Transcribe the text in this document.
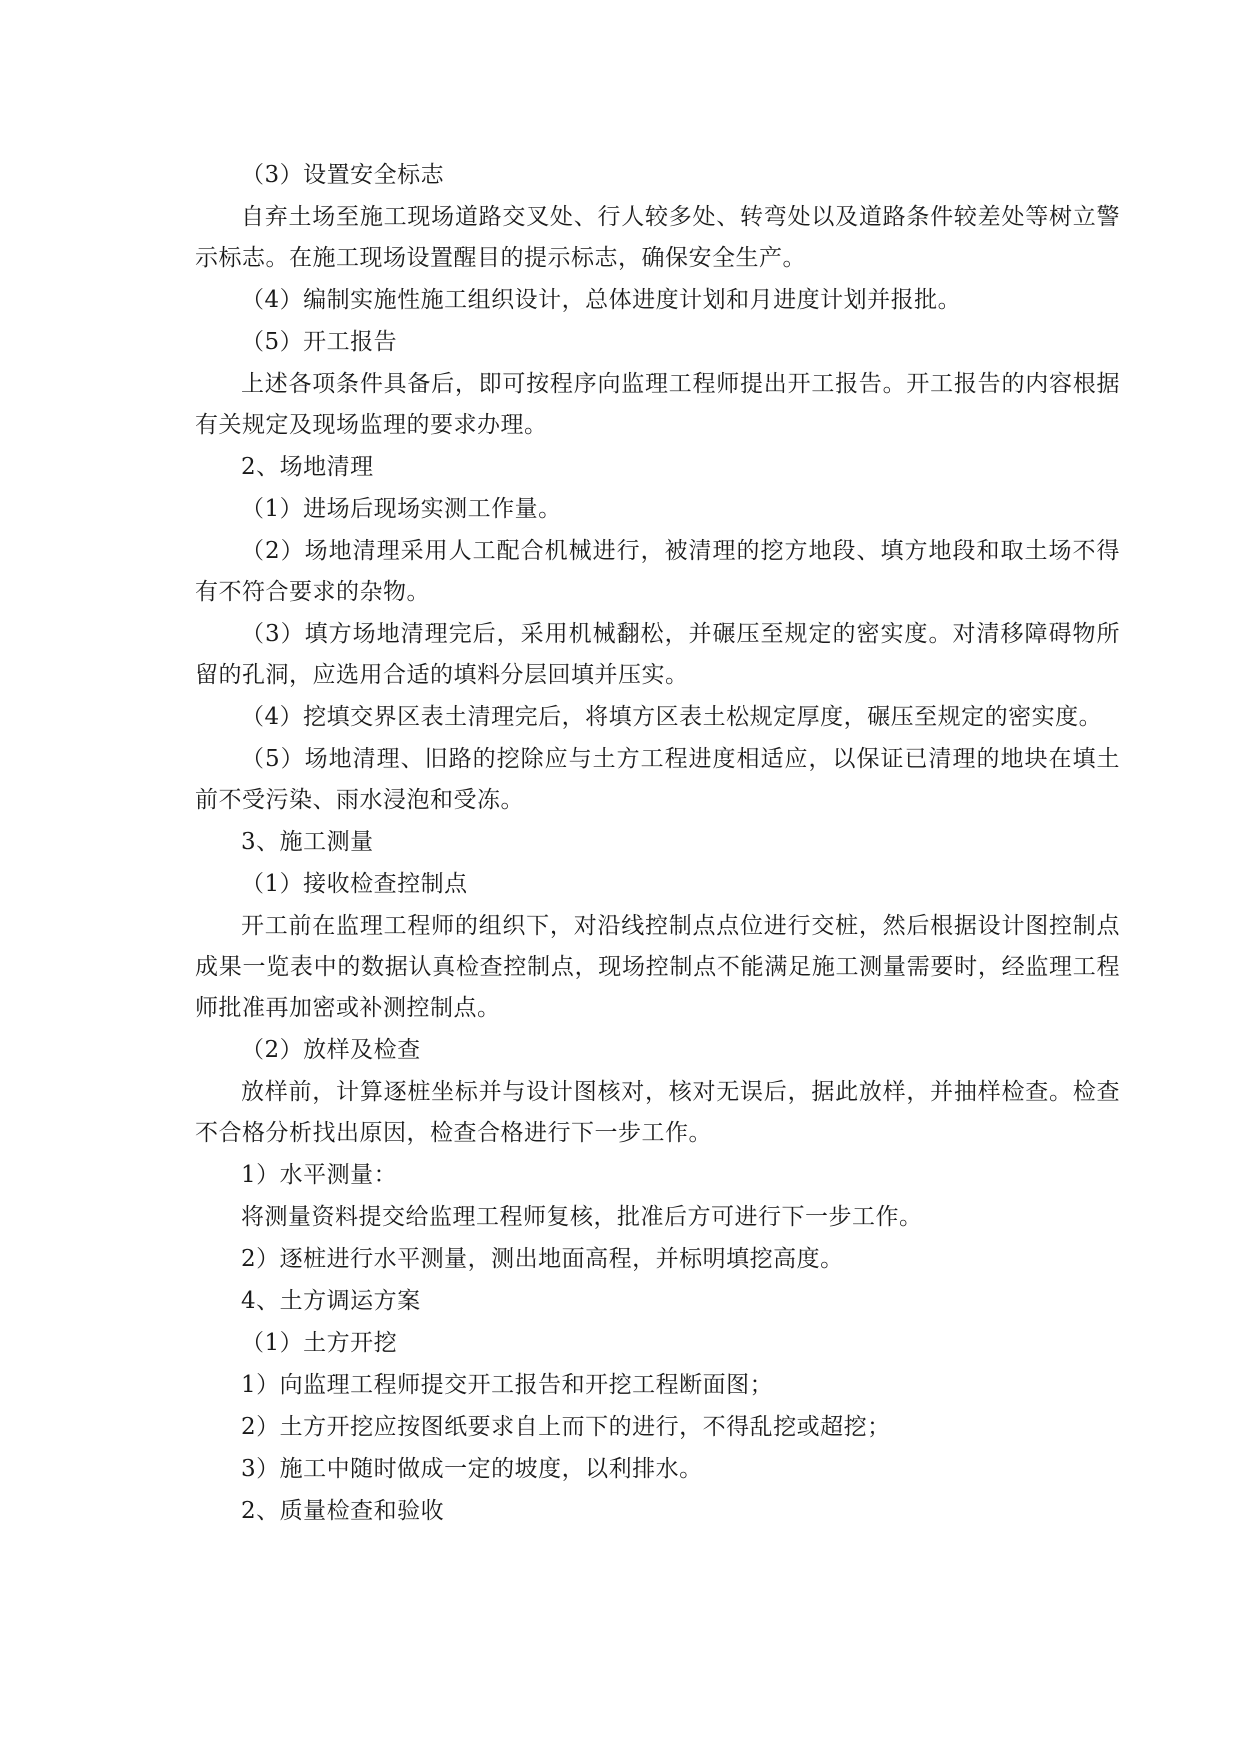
（3）设置安全标志

自弃土场至施工现场道路交叉处、行人较多处、转弯处以及道路条件较差处等树立警示标志。在施工现场设置醒目的提示标志，确保安全生产。

（4）编制实施性施工组织设计，总体进度计划和月进度计划并报批。

（5）开工报告

上述各项条件具备后，即可按程序向监理工程师提出开工报告。开工报告的内容根据有关规定及现场监理的要求办理。

2、场地清理

（1）进场后现场实测工作量。

（2）场地清理采用人工配合机械进行，被清理的挖方地段、填方地段和取土场不得有不符合要求的杂物。

（3）填方场地清理完后，采用机械翻松，并碾压至规定的密实度。对清移障碍物所留的孔洞，应选用合适的填料分层回填并压实。

（4）挖填交界区表土清理完后，将填方区表土松规定厚度，碾压至规定的密实度。

（5）场地清理、旧路的挖除应与土方工程进度相适应，以保证已清理的地块在填土前不受污染、雨水浸泡和受冻。

3、施工测量

（1）接收检查控制点

开工前在监理工程师的组织下，对沿线控制点点位进行交桩，然后根据设计图控制点成果一览表中的数据认真检查控制点，现场控制点不能满足施工测量需要时，经监理工程师批准再加密或补测控制点。

（2）放样及检查

放样前，计算逐桩坐标并与设计图核对，核对无误后，据此放样，并抽样检查。检查不合格分析找出原因，检查合格进行下一步工作。

1）水平测量：

将测量资料提交给监理工程师复核，批准后方可进行下一步工作。

2）逐桩进行水平测量，测出地面高程，并标明填挖高度。

4、土方调运方案

（1）土方开挖

1）向监理工程师提交开工报告和开挖工程断面图；

2）土方开挖应按图纸要求自上而下的进行，不得乱挖或超挖；

3）施工中随时做成一定的坡度，以利排水。

2、质量检查和验收
